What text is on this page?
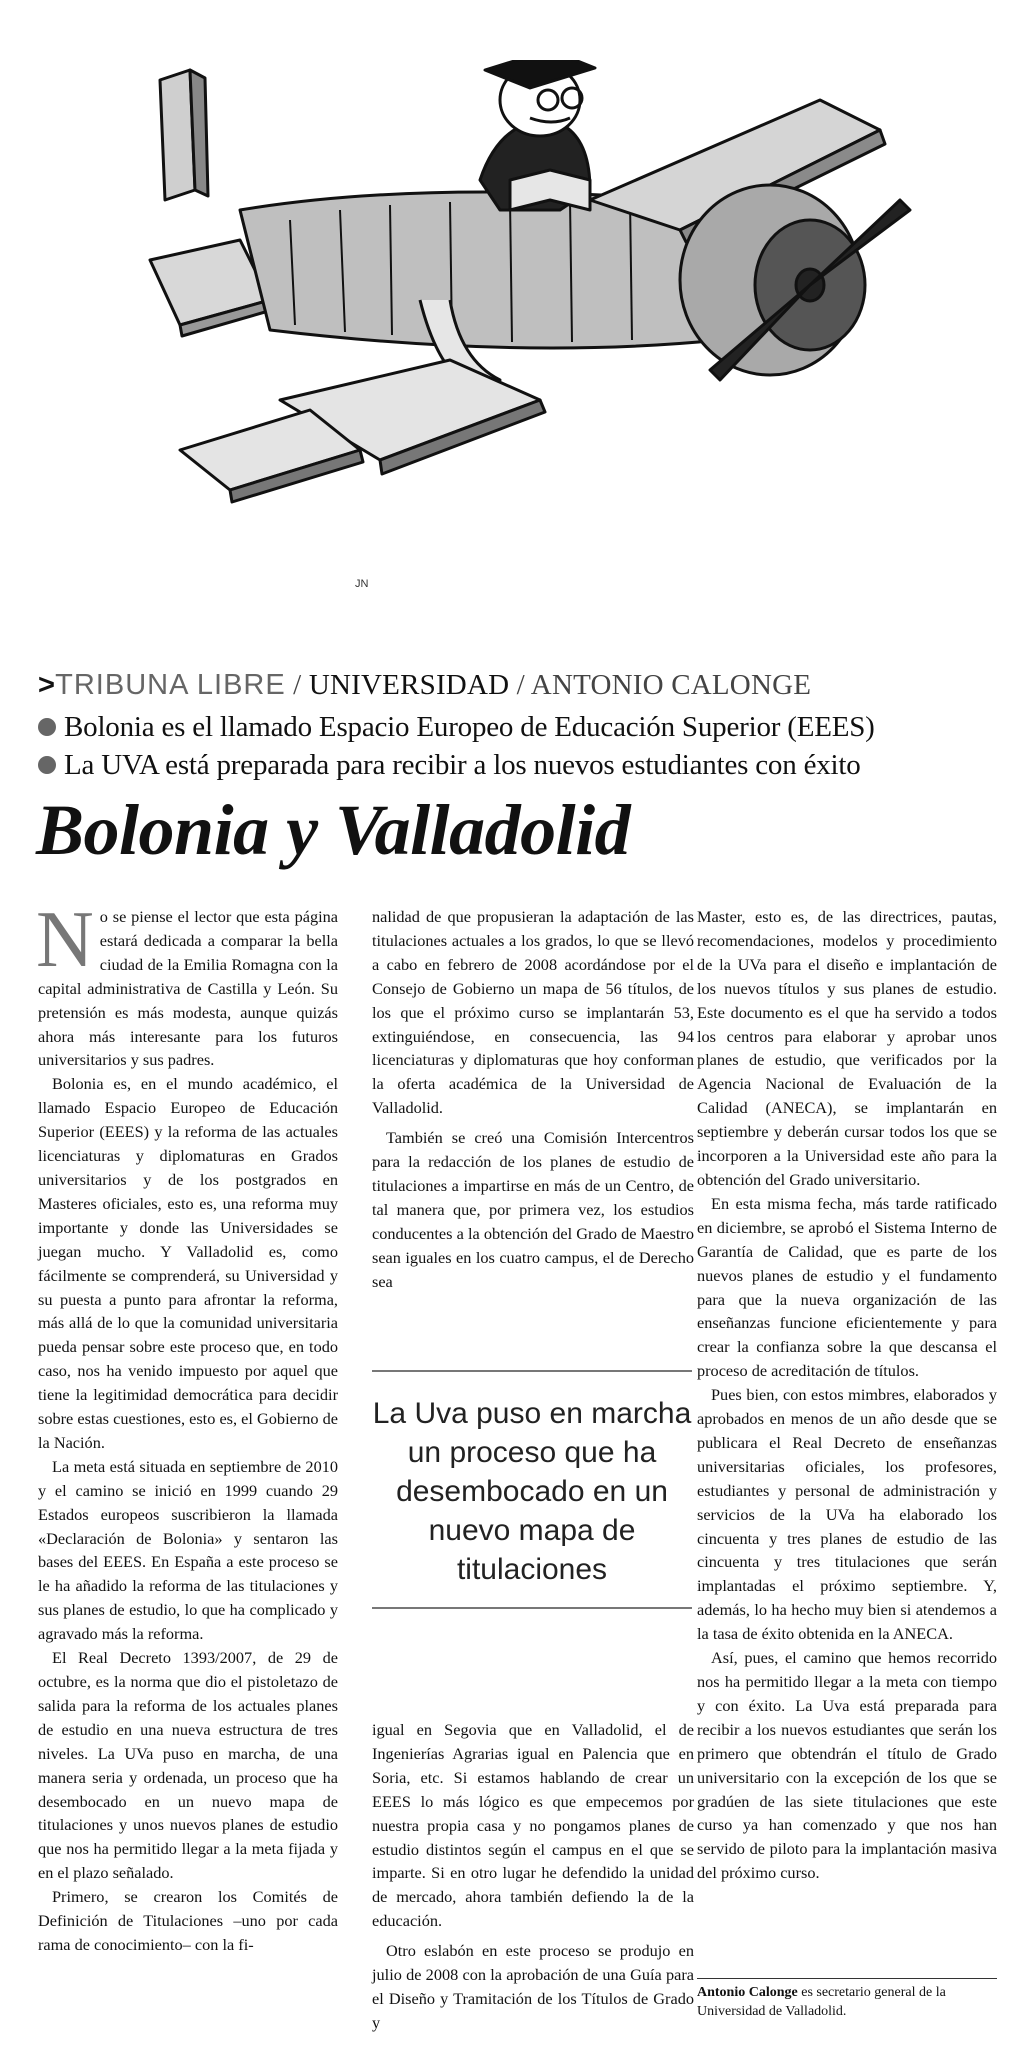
JN
>TRIBUNA LIBRE / UNIVERSIDAD / ANTONIO CALONGE
Bolonia es el llamado Espacio Europeo de Educación Superior (EEES)
La UVA está preparada para recibir a los nuevos estudiantes con éxito
Bolonia y Valladolid

No se piense el lector que esta página estará dedicada a comparar la bella ciudad de la Emilia Romagna con la capital administrativa de Castilla y León. Su pretensión es más modesta, aunque quizás ahora más interesante para los futuros universitarios y sus padres.

Bolonia es, en el mundo académico, el llamado Espacio Europeo de Educación Superior (EEES) y la reforma de las actuales licenciaturas y diplomaturas en Grados universitarios y de los postgrados en Masteres oficiales, esto es, una reforma muy importante y donde las Universidades se juegan mucho. Y Valladolid es, como fácilmente se comprenderá, su Universidad y su puesta a punto para afrontar la reforma, más allá de lo que la comunidad universitaria pueda pensar sobre este proceso que, en todo caso, nos ha venido impuesto por aquel que tiene la legitimidad democrática para decidir sobre estas cuestiones, esto es, el Gobierno de la Nación.

La meta está situada en septiembre de 2010 y el camino se inició en 1999 cuando 29 Estados europeos suscribieron la llamada «Declaración de Bolonia» y sentaron las bases del EEES. En España a este proceso se le ha añadido la reforma de las titulaciones y sus planes de estudio, lo que ha complicado y agravado más la reforma.

El Real Decreto 1393/2007, de 29 de octubre, es la norma que dio el pistoletazo de salida para la reforma de los actuales planes de estudio en una nueva estructura de tres niveles. La UVa puso en marcha, de una manera seria y ordenada, un proceso que ha desembocado en un nuevo mapa de titulaciones y unos nuevos planes de estudio que nos ha permitido llegar a la meta fijada y en el plazo señalado.

Primero, se crearon los Comités de Definición de Titulaciones –uno por cada rama de conocimiento– con la fi-

nalidad de que propusieran la adaptación de las titulaciones actuales a los grados, lo que se llevó a cabo en febrero de 2008 acordándose por el Consejo de Gobierno un mapa de 56 títulos, de los que el próximo curso se implantarán 53, extinguiéndose, en consecuencia, las 94 licenciaturas y diplomaturas que hoy conforman la oferta académica de la Universidad de Valladolid.

También se creó una Comisión Intercentros para la redacción de los planes de estudio de titulaciones a impartirse en más de un Centro, de tal manera que, por primera vez, los estudios conducentes a la obtención del Grado de Maestro sean iguales en los cuatro campus, el de Derecho sea

La Uva puso en marcha un proceso que ha desembocado en un nuevo mapa de titulaciones

igual en Segovia que en Valladolid, el de Ingenierías Agrarias igual en Palencia que en Soria, etc. Si estamos hablando de crear un EEES lo más lógico es que empecemos por nuestra propia casa y no pongamos planes de estudio distintos según el campus en el que se imparte. Si en otro lugar he defendido la unidad de mercado, ahora también defiendo la de la educación.

Otro eslabón en este proceso se produjo en julio de 2008 con la aprobación de una Guía para el Diseño y Tramitación de los Títulos de Grado y

Master, esto es, de las directrices, pautas, recomendaciones, modelos y procedimiento de la UVa para el diseño e implantación de los nuevos títulos y sus planes de estudio. Este documento es el que ha servido a todos los centros para elaborar y aprobar unos planes de estudio, que verificados por la Agencia Nacional de Evaluación de la Calidad (ANECA), se implantarán en septiembre y deberán cursar todos los que se incorporen a la Universidad este año para la obtención del Grado universitario.

En esta misma fecha, más tarde ratificado en diciembre, se aprobó el Sistema Interno de Garantía de Calidad, que es parte de los nuevos planes de estudio y el fundamento para que la nueva organización de las enseñanzas funcione eficientemente y para crear la confianza sobre la que descansa el proceso de acreditación de títulos.

Pues bien, con estos mimbres, elaborados y aprobados en menos de un año desde que se publicara el Real Decreto de enseñanzas universitarias oficiales, los profesores, estudiantes y personal de administración y servicios de la UVa ha elaborado los cincuenta y tres planes de estudio de las cincuenta y tres titulaciones que serán implantadas el próximo septiembre. Y, además, lo ha hecho muy bien si atendemos a la tasa de éxito obtenida en la ANECA.

Así, pues, el camino que hemos recorrido nos ha permitido llegar a la meta con tiempo y con éxito. La Uva está preparada para recibir a los nuevos estudiantes que serán los primero que obtendrán el título de Grado universitario con la excepción de los que se gradúen de las siete titulaciones que este curso ya han comenzado y que nos han servido de piloto para la implantación masiva del próximo curso.

Antonio Calonge es secretario general de la Universidad de Valladolid.
